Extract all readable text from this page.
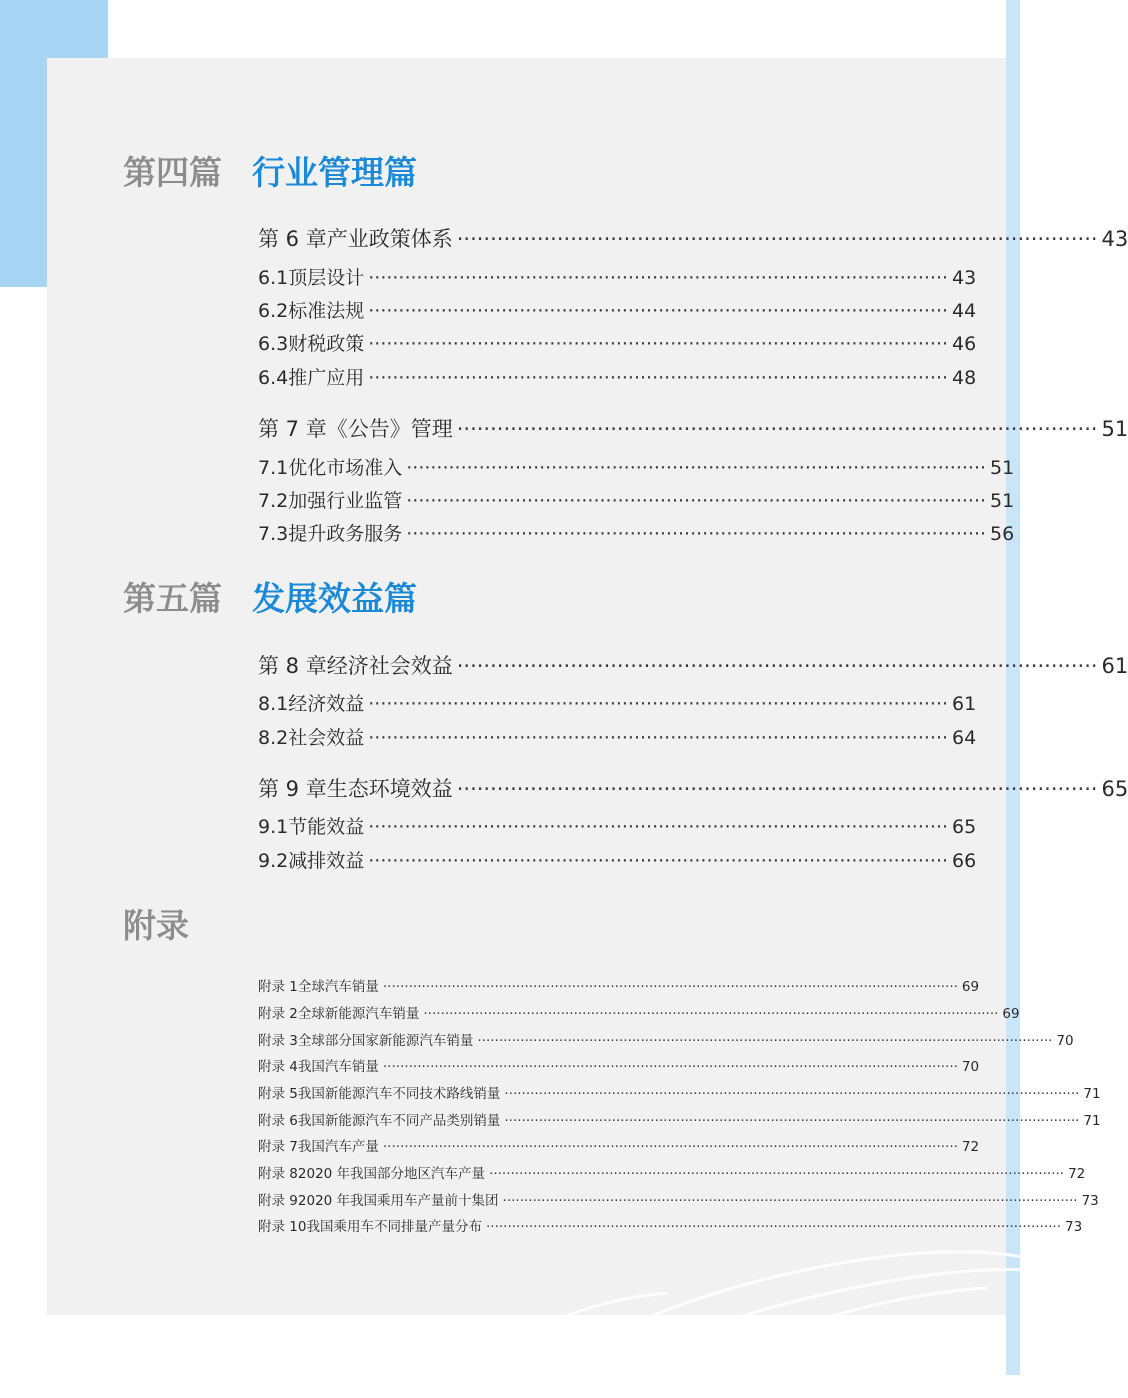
第四篇 行业管理篇
第 6 章 产业政策体系 ································································································ 43
6.1 顶层设计 ································································································ 43
6.2 标准法规 ································································································ 44
6.3 财税政策 ································································································ 46
6.4 推广应用 ································································································ 48
第 7 章 《公告》管理 ································································································ 51
7.1 优化市场准入 ································································································ 51
7.2 加强行业监管 ································································································ 51
7.3 提升政务服务 ································································································ 56
第五篇 发展效益篇
第 8 章 经济社会效益 ································································································ 61
8.1 经济效益 ································································································ 61
8.2 社会效益 ································································································ 64
第 9 章 生态环境效益 ································································································ 65
9.1 节能效益 ································································································ 65
9.2 减排效益 ································································································ 66
附录
附录 1 全球汽车销量 ······································································································································ 69
附录 2 全球新能源汽车销量 ······································································································································ 69
附录 3 全球部分国家新能源汽车销量 ······································································································································ 70
附录 4 我国汽车销量 ······································································································································ 70
附录 5 我国新能源汽车不同技术路线销量 ······································································································································ 71
附录 6 我国新能源汽车不同产品类别销量 ······································································································································ 71
附录 7 我国汽车产量 ······································································································································ 72
附录 8 2020 年我国部分地区汽车产量 ······································································································································ 72
附录 9 2020 年我国乘用车产量前十集团 ······································································································································ 73
附录 10 我国乘用车不同排量产量分布 ······································································································································ 73
